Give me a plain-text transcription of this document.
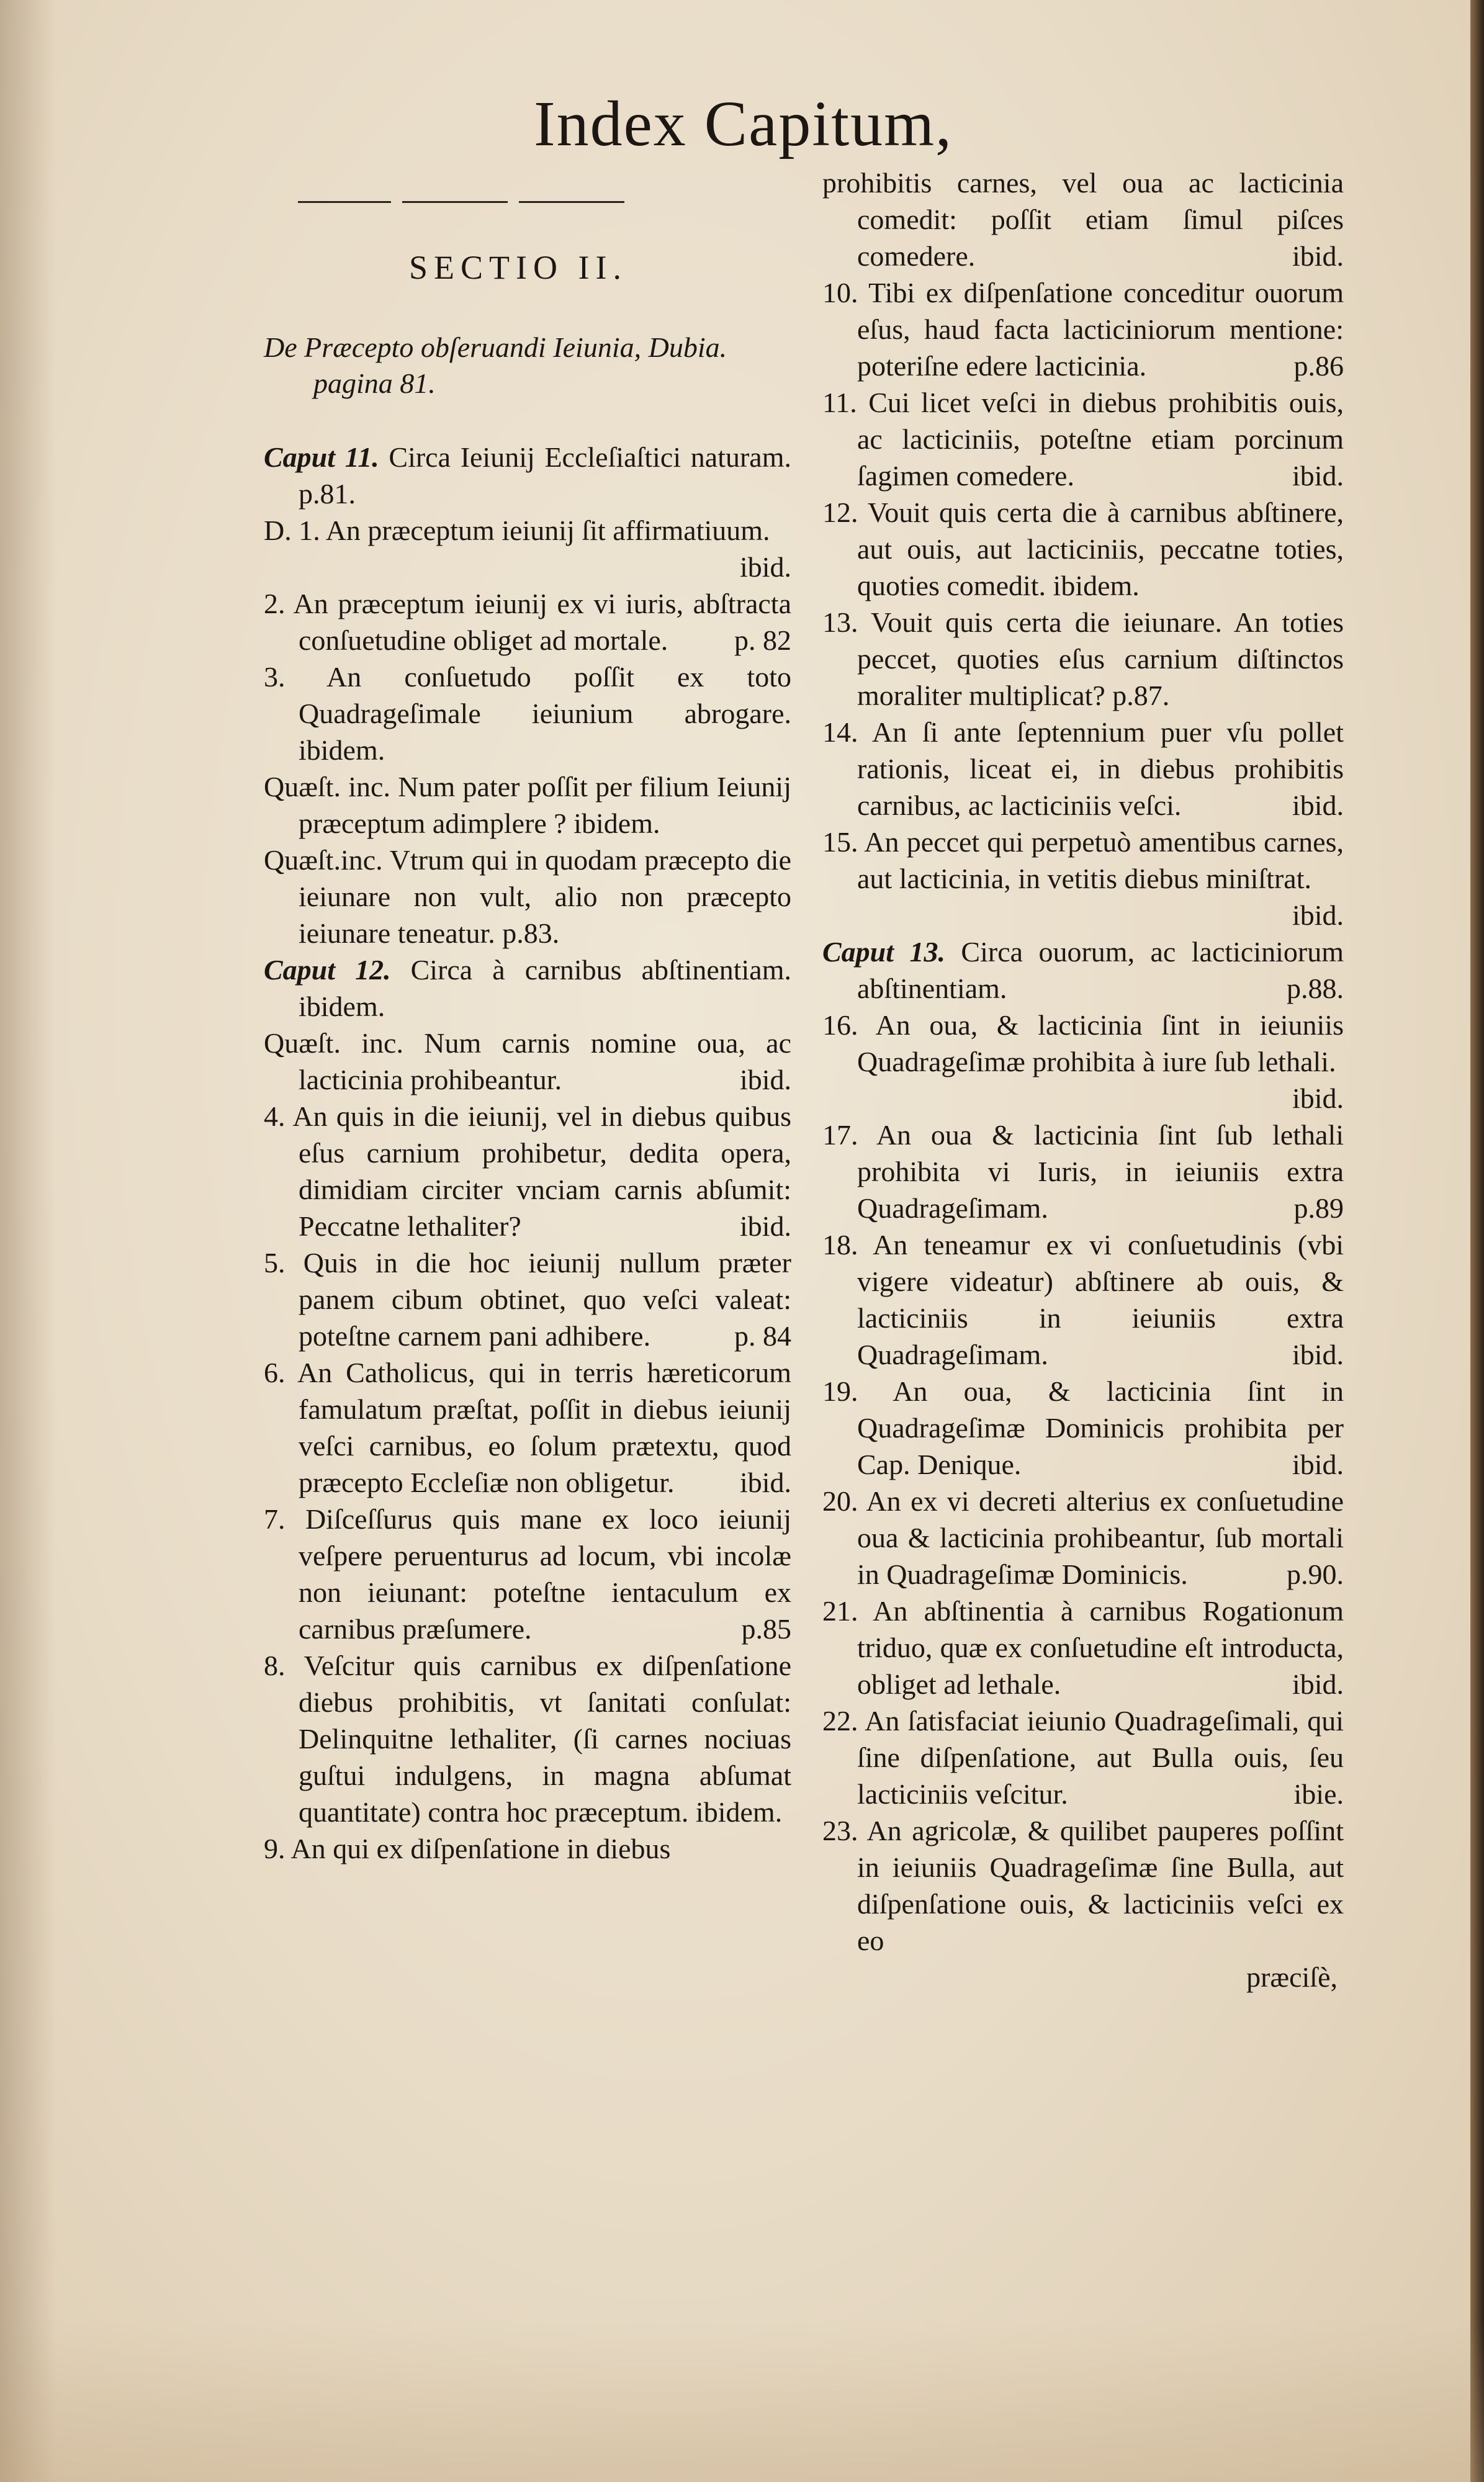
Index Capitum,
SECTIO II.
De Præcepto obſeruandi Ieiunia, Dubia.
pagina 81.

Caput 11. Circa Ieiunij Eccleſiaſtici naturam. p.81.

D. 1. An præceptum ieiunij ſit affirmatiuum.
ibid.

2. An præceptum ieiunij ex vi iuris, abſtracta conſuetudine obliget ad mortale. p. 82

3. An conſuetudo poſſit ex toto Quadrageſimale ieiunium abrogare. ibidem.

Quæſt. inc. Num pater poſſit per filium Ieiunij præceptum adimplere ? ibidem.

Quæſt.inc. Vtrum qui in quodam præcepto die ieiunare non vult, alio non præcepto ieiunare teneatur. p.83.

Caput 12. Circa à carnibus abſtinentiam. ibidem.

Quæſt. inc. Num carnis nomine oua, ac lacticinia prohibeantur.	ibid.

4. An quis in die ieiunij, vel in diebus quibus eſus carnium prohibetur, dedita opera, dimidiam circiter vnciam carnis abſumit: Peccatne lethaliter?	ibid.

5. Quis in die hoc ieiunij nullum præter panem cibum obtinet, quo veſci valeat: poteſtne carnem pani adhibere.	p. 84

6. An Catholicus, qui in terris hæreticorum famulatum præſtat, poſſit in diebus ieiunij veſci carnibus, eo ſolum prætextu, quod præcepto Eccleſiæ non obligetur. ibid.

7. Diſceſſurus quis mane ex loco ieiunij veſpere peruenturus ad locum, vbi incolæ non ieiunant: poteſtne ientaculum ex carnibus præſumere.	p.85

8. Veſcitur quis carnibus ex diſpenſatione diebus prohibitis, vt ſanitati conſulat: Delinquitne lethaliter, (ſi carnes nociuas guſtui indulgens, in magna abſumat quantitate) contra hoc præceptum. ibidem.

9. An qui ex diſpenſatione in diebus

prohibitis carnes, vel oua ac lacticinia comedit: poſſit etiam ſimul piſces comedere.	ibid.

10. Tibi ex diſpenſatione conceditur ouorum eſus, haud facta lacticiniorum mentione: poteriſne edere lacticinia.	p.86

11. Cui licet veſci in diebus prohibitis ouis, ac lacticiniis, poteſtne etiam porcinum ſagimen comedere.	ibid.

12. Vouit quis certa die à carnibus abſtinere, aut ouis, aut lacticiniis, peccatne toties, quoties comedit. ibidem.

13. Vouit quis certa die ieiunare. An toties peccet, quoties eſus carnium diſtinctos moraliter multiplicat? p.87.

14. An ſi ante ſeptennium puer vſu pollet rationis, liceat ei, in diebus prohibitis carnibus, ac lacticiniis veſci.	ibid.

15. An peccet qui perpetuò amentibus carnes, aut lacticinia, in vetitis diebus miniſtrat.
ibid.

Caput 13. Circa ouorum, ac lacticiniorum abſtinentiam.	p.88.

16. An oua, & lacticinia ſint in ieiuniis Quadrageſimæ prohibita à iure ſub lethali.
ibid.

17. An oua & lacticinia ſint ſub lethali prohibita vi Iuris, in ieiuniis extra Quadrageſimam.	p.89

18. An teneamur ex vi conſuetudinis (vbi vigere videatur) abſtinere ab ouis, & lacticiniis in ieiuniis extra Quadrageſimam.	ibid.

19. An oua, & lacticinia ſint in Quadrageſimæ Dominicis prohibita per Cap. Denique.	ibid.

20. An ex vi decreti alterius ex conſuetudine oua & lacticinia prohibeantur, ſub mortali in Quadrageſimæ Dominicis.	p.90.

21. An abſtinentia à carnibus Rogationum triduo, quæ ex conſuetudine eſt introducta, obliget ad lethale.	ibid.

22. An ſatisfaciat ieiunio Quadrageſimali, qui ſine diſpenſatione, aut Bulla ouis, ſeu lacticiniis veſcitur.	ibie.

23. An agricolæ, & quilibet pauperes poſſint in ieiuniis Quadrageſimæ ſine Bulla, aut diſpenſatione ouis, & lacticiniis veſci ex eo

præciſè,
